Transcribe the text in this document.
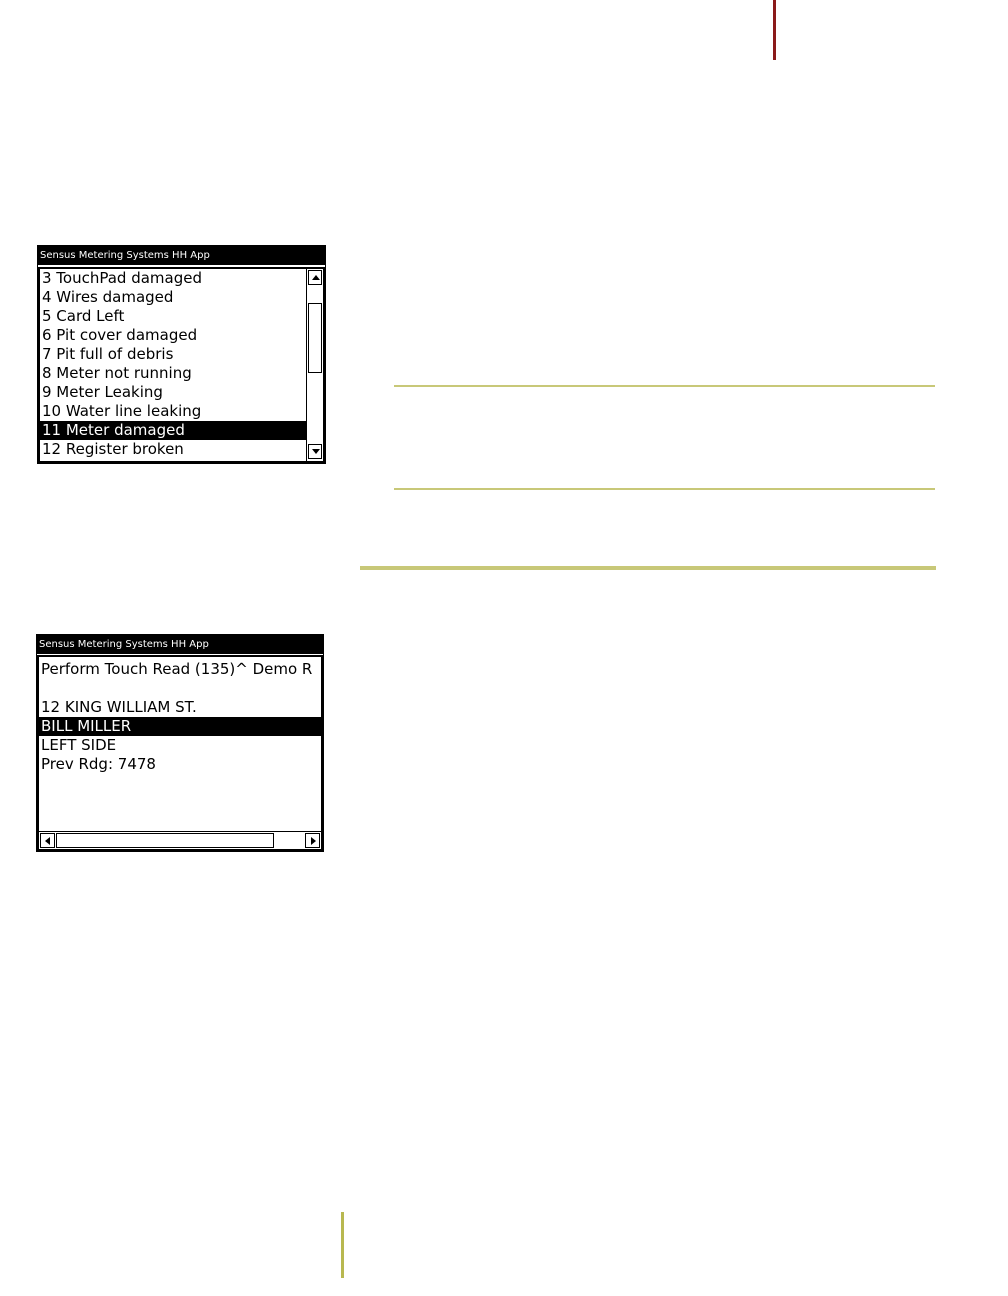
Sensus Metering Systems HH App
3 TouchPad damaged
4 Wires damaged
5 Card Left
6 Pit cover damaged
7 Pit full of debris
8 Meter not running
9 Meter Leaking
10 Water line leaking
11 Meter damaged
12 Register broken
Sensus Metering Systems HH App
Perform Touch Read (135)^ Demo R
12 KING WILLIAM ST.
BILL MILLER
LEFT SIDE
Prev Rdg: 7478
